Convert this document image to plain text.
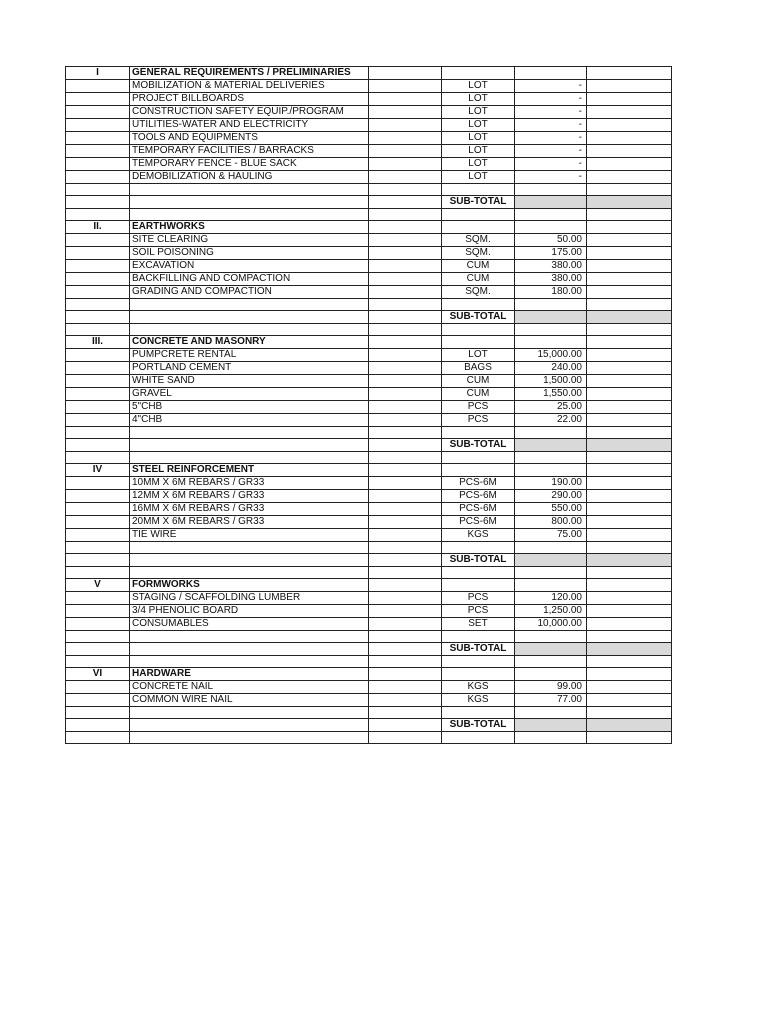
I	GENERAL REQUIREMENTS / PRELIMINARIES				
	MOBILIZATION & MATERIAL DELIVERIES		LOT	-	
	PROJECT BILLBOARDS		LOT	-	
	CONSTRUCTION SAFETY EQUIP./PROGRAM		LOT	-	
	UTILITIES-WATER AND ELECTRICITY		LOT	-	
	TOOLS AND EQUIPMENTS		LOT	-	
	TEMPORARY FACILITIES / BARRACKS		LOT	-	
	TEMPORARY FENCE - BLUE SACK		LOT	-	
	DEMOBILIZATION & HAULING		LOT	-	

			SUB-TOTAL		

II.	EARTHWORKS				
	SITE CLEARING		SQM.	50.00	
	SOIL POISONING		SQM.	175.00	
	EXCAVATION		CUM	380.00	
	BACKFILLING AND COMPACTION		CUM	380.00	
	GRADING AND COMPACTION		SQM.	180.00	

			SUB-TOTAL		

III.	CONCRETE AND MASONRY				
	PUMPCRETE RENTAL		LOT	15,000.00	
	PORTLAND CEMENT		BAGS	240.00	
	WHITE SAND		CUM	1,500.00	
	GRAVEL		CUM	1,550.00	
	5"CHB		PCS	25.00	
	4"CHB		PCS	22.00	

			SUB-TOTAL		

IV	STEEL REINFORCEMENT				
	10MM X 6M REBARS / GR33		PCS-6M	190.00	
	12MM X 6M REBARS / GR33		PCS-6M	290.00	
	16MM X 6M REBARS / GR33		PCS-6M	550.00	
	20MM X 6M REBARS / GR33		PCS-6M	800.00	
	TIE WIRE		KGS	75.00	

			SUB-TOTAL		

V	FORMWORKS				
	STAGING / SCAFFOLDING LUMBER		PCS	120.00	
	3/4 PHENOLIC BOARD		PCS	1,250.00	
	CONSUMABLES		SET	10,000.00	

			SUB-TOTAL		

VI	HARDWARE				
	CONCRETE NAIL		KGS	99.00	
	COMMON WIRE NAIL		KGS	77.00	

			SUB-TOTAL		
